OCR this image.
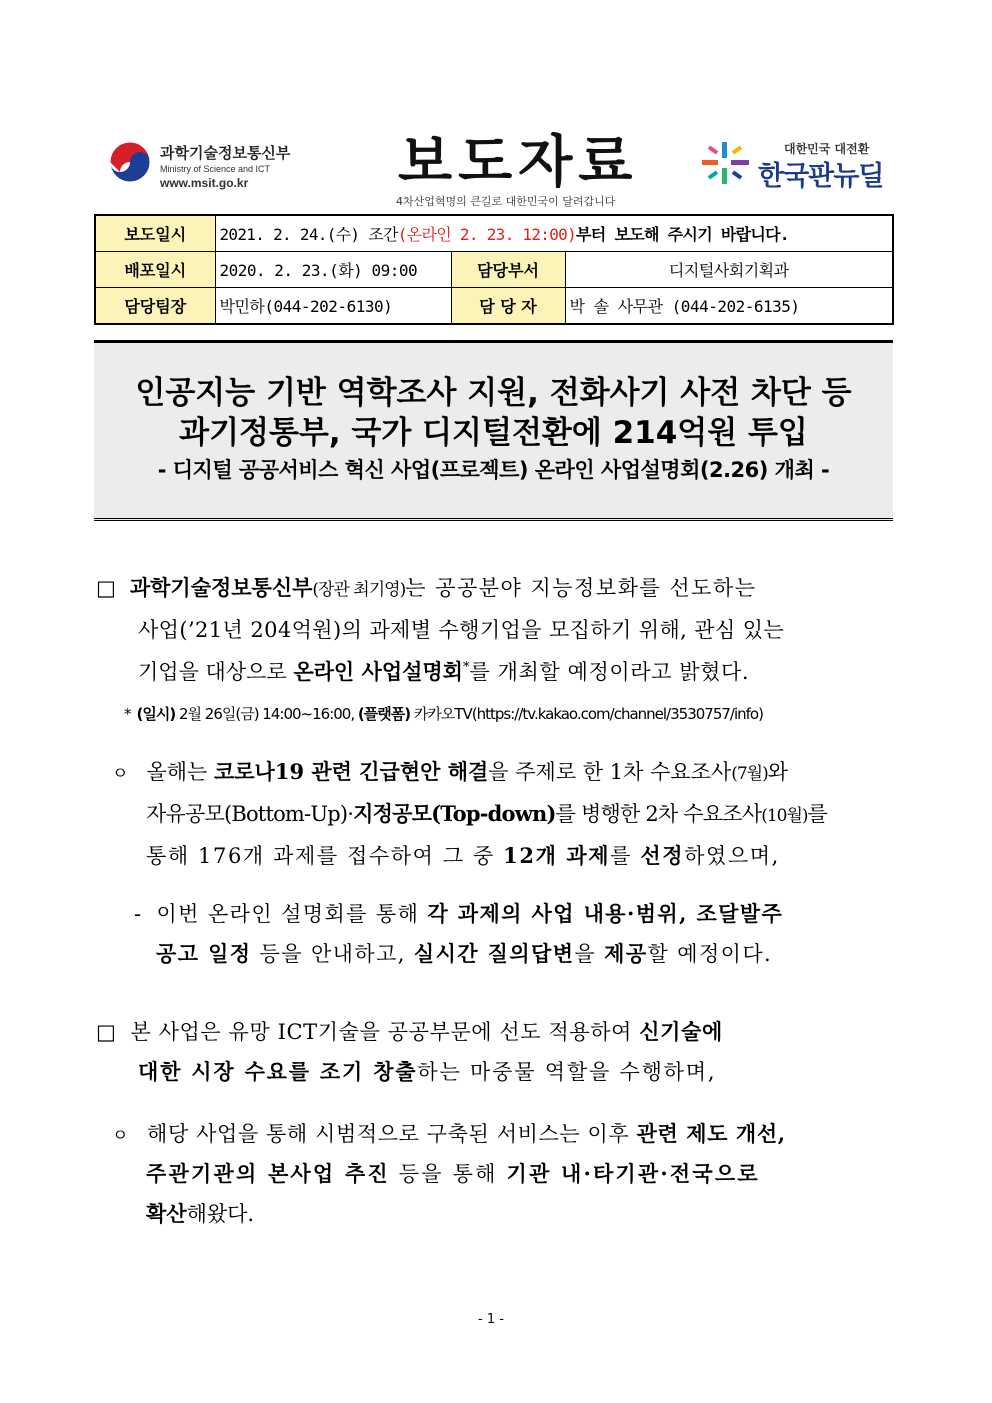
과학기술정보통신부
Ministry of Science and ICT
www.msit.go.kr	보도자료
4차산업혁명의 큰길로 대한민국이 달려갑니다
대한민국 대전환
한국판뉴딜
보도일시	2021. 2. 24.(수) 조간(온라인 2. 23. 12:00)부터 보도해 주시기 바랍니다.		
배포일시	2020. 2. 23.(화) 09:00	담당부서	디지털사회기획과
담당팀장	박민하(044-202-6130)	담 당 자	박 솔 사무관 (044-202-6135)
인공지능 기반 역학조사 지원, 전화사기 사전 차단 등
과기정통부, 국가 디지털전환에 214억원 투입
- 디지털 공공서비스 혁신 사업(프로젝트) 온라인 사업설명회(2.26) 개최 -
□ 과학기술정보통신부(장관 최기영)는 공공분야 지능정보화를 선도하는
사업(’21년 204억원)의 과제별 수행기업을 모집하기 위해, 관심 있는
기업을 대상으로 온라인 사업설명회*를 개최할 예정이라고 밝혔다.
* (일시) 2월 26일(금) 14:00∼16:00, (플랫폼) 카카오TV(https://tv.kakao.com/channel/3530757/info)
ㅇ 올해는 코로나19 관련 긴급현안 해결을 주제로 한 1차 수요조사(7월)와
자유공모(Bottom-Up)·지정공모(Top-down)를 병행한 2차 수요조사(10월)를
통해 176개 과제를 접수하여 그 중 12개 과제를 선정하였으며,
- 이번 온라인 설명회를 통해 각 과제의 사업 내용·범위, 조달발주
공고 일정 등을 안내하고, 실시간 질의답변을 제공할 예정이다.
□ 본 사업은 유망 ICT기술을 공공부문에 선도 적용하여 신기술에
대한 시장 수요를 조기 창출하는 마중물 역할을 수행하며,
ㅇ 해당 사업을 통해 시범적으로 구축된 서비스는 이후 관련 제도 개선,
주관기관의 본사업 추진 등을 통해 기관 내·타기관·전국으로
확산해왔다.
- 1 -
